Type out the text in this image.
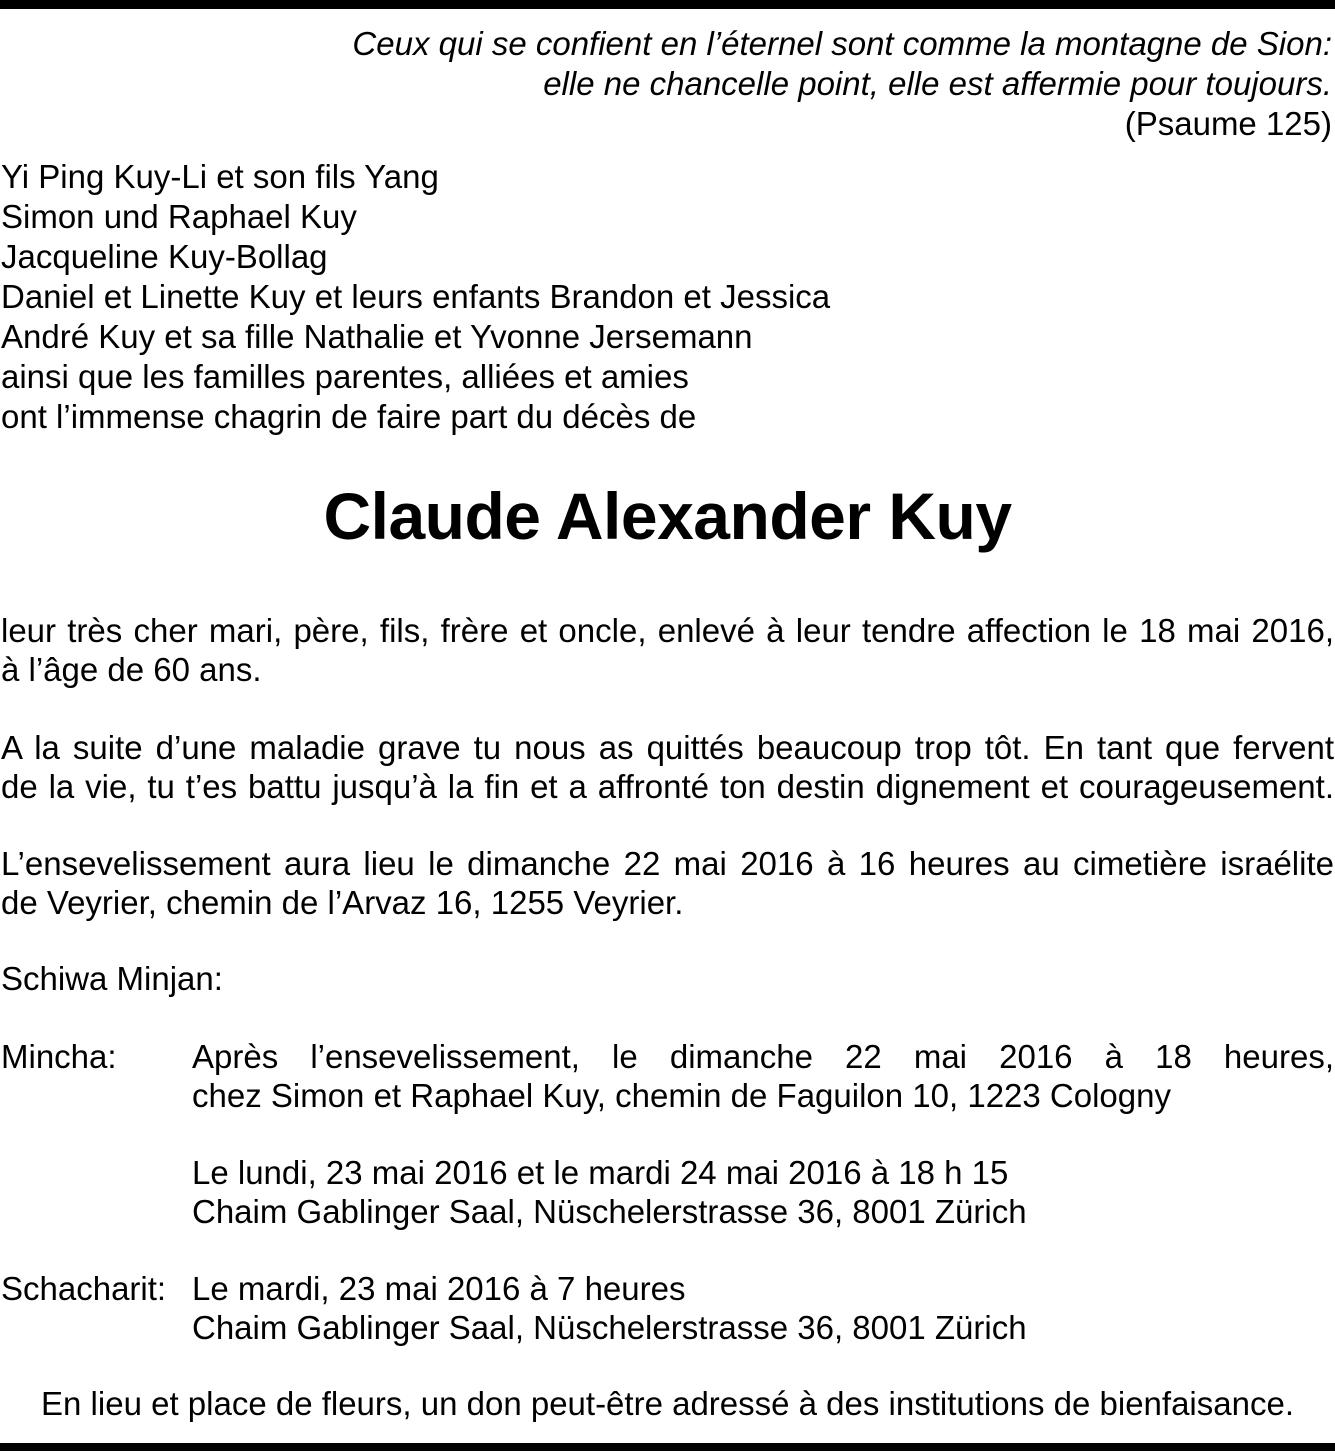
Ceux qui se confient en l’éternel sont comme la montagne de Sion:
elle ne chancelle point, elle est affermie pour toujours.
(Psaume 125)
Yi Ping Kuy-Li et son fils Yang
Simon und Raphael Kuy
Jacqueline Kuy-Bollag
Daniel et Linette Kuy et leurs enfants Brandon et Jessica
André Kuy et sa fille Nathalie et Yvonne Jersemann
ainsi que les familles parentes, alliées et amies
ont l’immense chagrin de faire part du décès de
Claude Alexander Kuy
leur très cher mari, père, fils, frère et oncle, enlevé à leur tendre affection le 18 mai 2016,
à l’âge de 60 ans.
A la suite d’une maladie grave tu nous as quittés beaucoup trop tôt. En tant que fervent
de la vie, tu t’es battu jusqu’à la fin et a affronté ton destin dignement et courageusement.
L’ensevelissement aura lieu le dimanche 22 mai 2016 à 16 heures au cimetière israélite
de Veyrier, chemin de l’Arvaz 16, 1255 Veyrier.
Schiwa Minjan:
Mincha: Après l’ensevelissement, le dimanche 22 mai 2016 à 18 heures,
chez Simon et Raphael Kuy, chemin de Faguilon 10, 1223 Cologny
Le lundi, 23 mai 2016 et le mardi 24 mai 2016 à 18 h 15
Chaim Gablinger Saal, Nüschelerstrasse 36, 8001 Zürich
Schacharit: Le mardi, 23 mai 2016 à 7 heures
Chaim Gablinger Saal, Nüschelerstrasse 36, 8001 Zürich
En lieu et place de fleurs, un don peut-être adressé à des institutions de bienfaisance.
